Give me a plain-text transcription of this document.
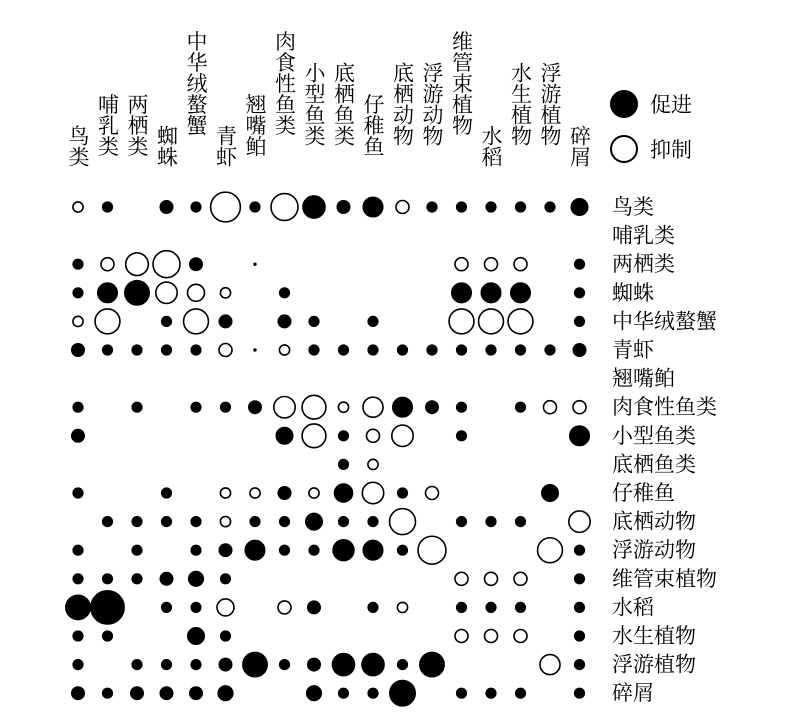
鸟类 哺乳类 两栖类 蜘蛛
中华绒螯蟹
青虾 翘嘴鲌 肉食性鱼类 小型鱼类 底栖鱼类 仔稚鱼 底栖动物 浮游动物 维管束植物
水稻 水生植物 浮游植物 碎屑
鸟类
哺乳类
两栖类
蜘蛛
中华绒螯蟹
青虾
翘嘴鲌
肉食性鱼类
小型鱼类
底栖鱼类
仔稚鱼
底栖动物
浮游动物
维管束植物
水稻
水生植物
浮游植物
碎屑
促进
抑制
